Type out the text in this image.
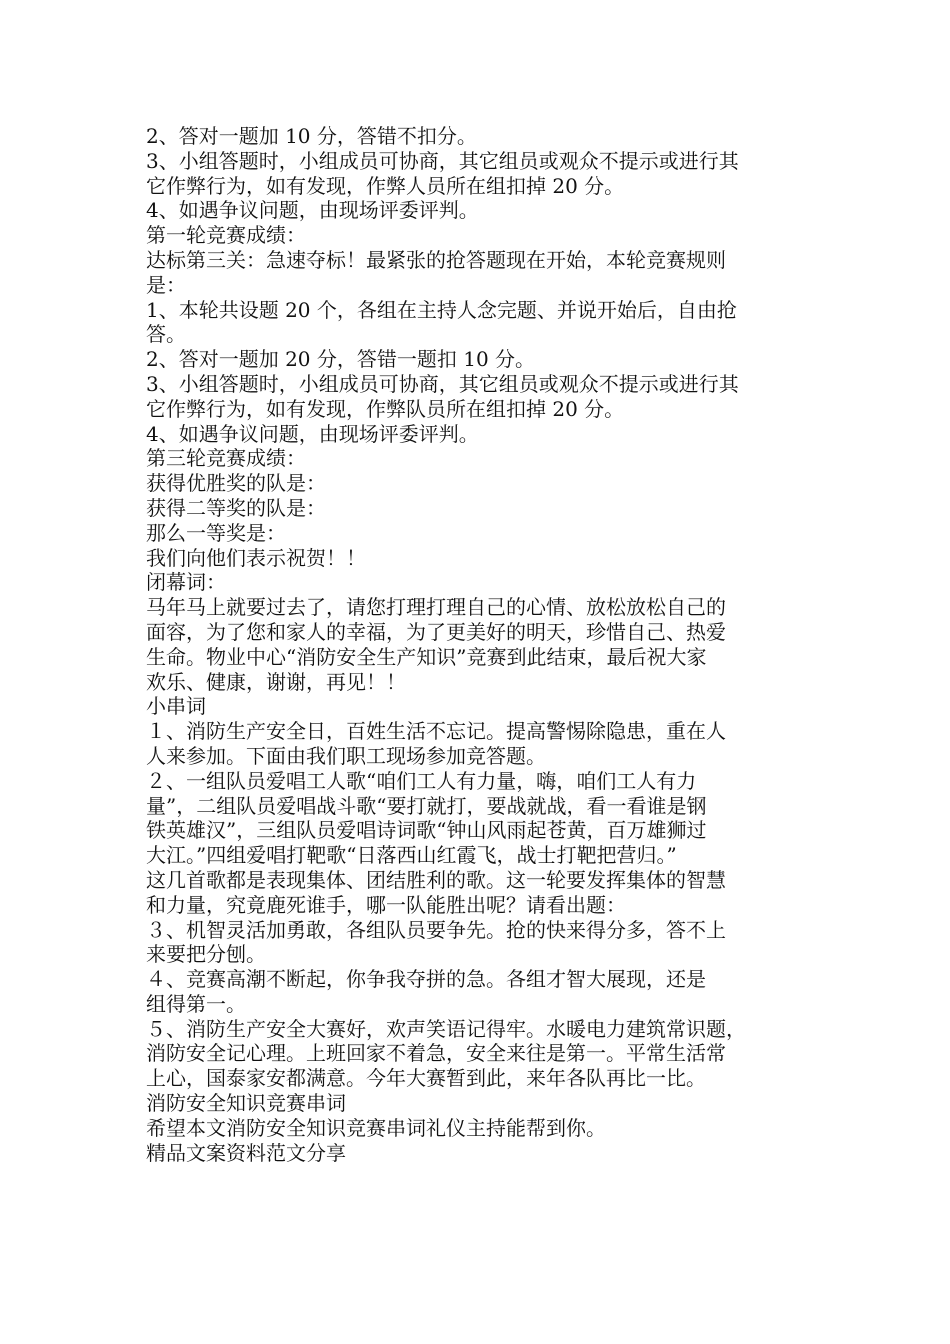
2、答对一题加 10 分，答错不扣分。
3、小组答题时，小组成员可协商，其它组员或观众不提示或进行其
它作弊行为，如有发现，作弊人员所在组扣掉 20 分。
4、如遇争议问题，由现场评委评判。
第一轮竞赛成绩：
达标第三关：急速夺标！最紧张的抢答题现在开始，本轮竞赛规则
是：
1、本轮共设题 20 个，各组在主持人念完题、并说开始后，自由抢
答。
2、答对一题加 20 分，答错一题扣 10 分。
3、小组答题时，小组成员可协商，其它组员或观众不提示或进行其
它作弊行为，如有发现，作弊队员所在组扣掉 20 分。
4、如遇争议问题，由现场评委评判。
第三轮竞赛成绩：
获得优胜奖的队是：
获得二等奖的队是：
那么一等奖是：
我们向他们表示祝贺！！
闭幕词：
马年马上就要过去了，请您打理打理自己的心情、放松放松自己的
面容，为了您和家人的幸福，为了更美好的明天，珍惜自己、热爱
生命。物业中心“消防安全生产知识”竞赛到此结束，最后祝大家
欢乐、健康，谢谢，再见！！
小串词
１、消防生产安全日，百姓生活不忘记。提高警惕除隐患，重在人
人来参加。下面由我们职工现场参加竞答题。
２、一组队员爱唱工人歌“咱们工人有力量，嗨，咱们工人有力
量”，二组队员爱唱战斗歌“要打就打，要战就战，看一看谁是钢
铁英雄汉”，三组队员爱唱诗词歌“钟山风雨起苍黄，百万雄狮过
大江。”四组爱唱打靶歌“日落西山红霞飞，战士打靶把营归。”
这几首歌都是表现集体、团结胜利的歌。这一轮要发挥集体的智慧
和力量，究竟鹿死谁手，哪一队能胜出呢？请看出题：
３、机智灵活加勇敢，各组队员要争先。抢的快来得分多，答不上
来要把分刨。
４、竞赛高潮不断起，你争我夺拼的急。各组才智大展现，还是
组得第一。
５、消防生产安全大赛好，欢声笑语记得牢。水暖电力建筑常识题，
消防安全记心理。上班回家不着急，安全来往是第一。平常生活常
上心，国泰家安都满意。今年大赛暂到此，来年各队再比一比。
消防安全知识竞赛串词
希望本文消防安全知识竞赛串词礼仪主持能帮到你。
精品文案资料范文分享
